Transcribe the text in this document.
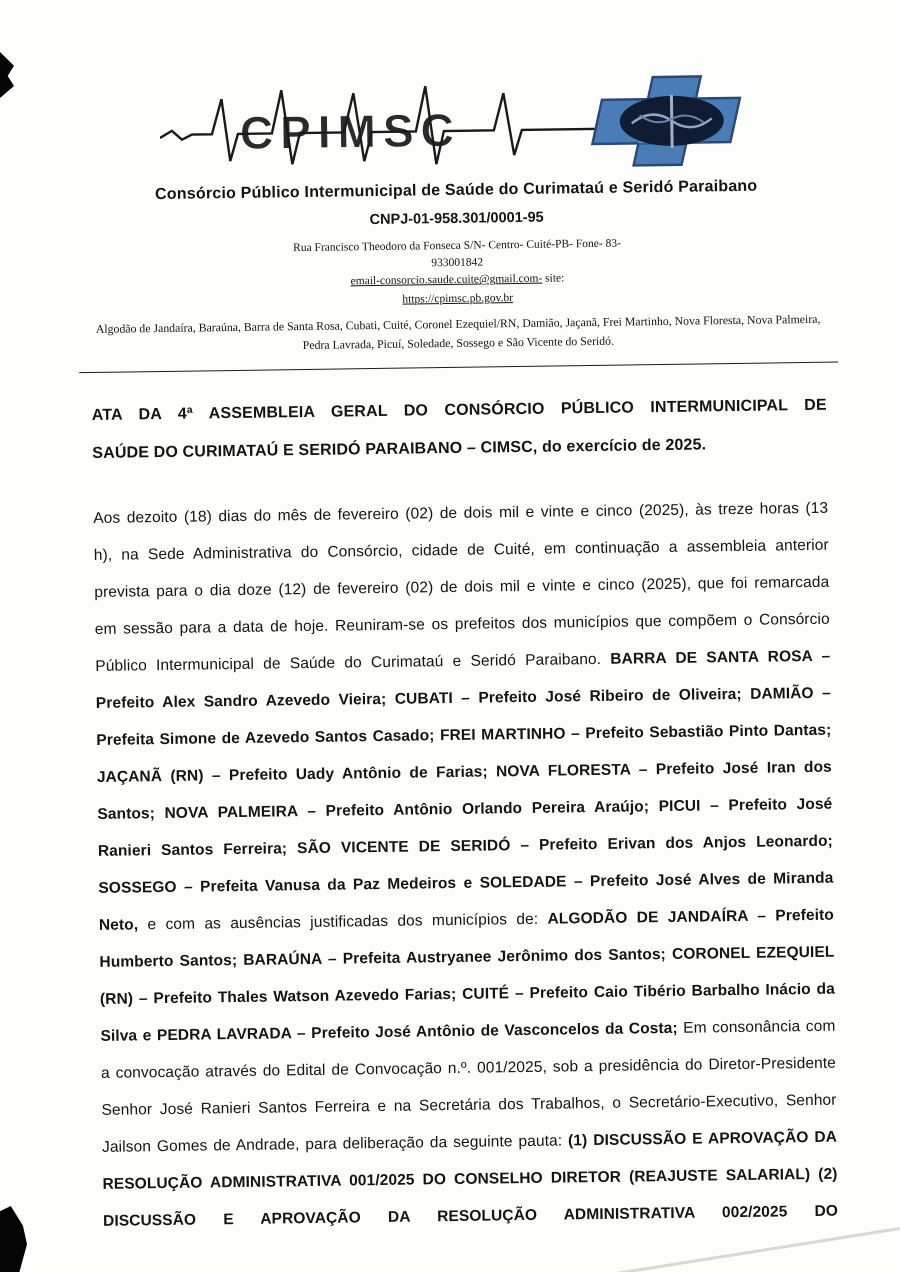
CPIMSC
Consórcio Público Intermunicipal de Saúde do Curimataú e Seridó Paraibano
CNPJ-01-958.301/0001-95
Rua Francisco Theodoro da Fonseca S/N- Centro- Cuité-PB- Fone- 83-
933001842
email-consorcio.saude.cuite@gmail.com- site:
https://cpimsc.pb.gov.br
Algodão de Jandaíra, Baraúna, Barra de Santa Rosa, Cubati, Cuité, Coronel Ezequiel/RN, Damião, Jaçanã, Frei Martinho, Nova Floresta, Nova Palmeira, Pedra Lavrada, Picuí, Soledade, Sossego e São Vicente do Seridó.
ATA DA 4ª ASSEMBLEIA GERAL DO CONSÓRCIO PÚBLICO INTERMUNICIPAL DE
SAÚDE DO CURIMATAÚ E SERIDÓ PARAIBANO – CIMSC, do exercício de 2025.

Aos dezoito (18) dias do mês de fevereiro (02) de dois mil e vinte e cinco (2025), às treze horas (13 h), na Sede Administrativa do Consórcio, cidade de Cuité, em continuação a assembleia anterior prevista para o dia doze (12) de fevereiro (02) de dois mil e vinte e cinco (2025), que foi remarcada em sessão para a data de hoje. Reuniram-se os prefeitos dos municípios que compõem o Consórcio Público Intermunicipal de Saúde do Curimataú e Seridó Paraibano. BARRA DE SANTA ROSA – Prefeito Alex Sandro Azevedo Vieira; CUBATI – Prefeito José Ribeiro de Oliveira; DAMIÃO – Prefeita Simone de Azevedo Santos Casado; FREI MARTINHO – Prefeito Sebastião Pinto Dantas; JAÇANÃ (RN) – Prefeito Uady Antônio de Farias; NOVA FLORESTA – Prefeito José Iran dos Santos; NOVA PALMEIRA – Prefeito Antônio Orlando Pereira Araújo; PICUI – Prefeito José Ranieri Santos Ferreira; SÃO VICENTE DE SERIDÓ – Prefeito Erivan dos Anjos Leonardo; SOSSEGO – Prefeita Vanusa da Paz Medeiros e SOLEDADE – Prefeito José Alves de Miranda Neto, e com as ausências justificadas dos municípios de: ALGODÃO DE JANDAÍRA – Prefeito Humberto Santos; BARAÚNA – Prefeita Austryanee Jerônimo dos Santos; CORONEL EZEQUIEL (RN) – Prefeito Thales Watson Azevedo Farias; CUITÉ – Prefeito Caio Tibério Barbalho Inácio da Silva e PEDRA LAVRADA – Prefeito José Antônio de Vasconcelos da Costa; Em consonância com a convocação através do Edital de Convocação n.º. 001/2025, sob a presidência do Diretor-Presidente Senhor José Ranieri Santos Ferreira e na Secretária dos Trabalhos, o Secretário-Executivo, Senhor Jailson Gomes de Andrade, para deliberação da seguinte pauta: (1) DISCUSSÃO E APROVAÇÃO DA RESOLUÇÃO ADMINISTRATIVA 001/2025 DO CONSELHO DIRETOR (REAJUSTE SALARIAL) (2) DISCUSSÃO E APROVAÇÃO DA RESOLUÇÃO ADMINISTRATIVA 002/2025 DO
